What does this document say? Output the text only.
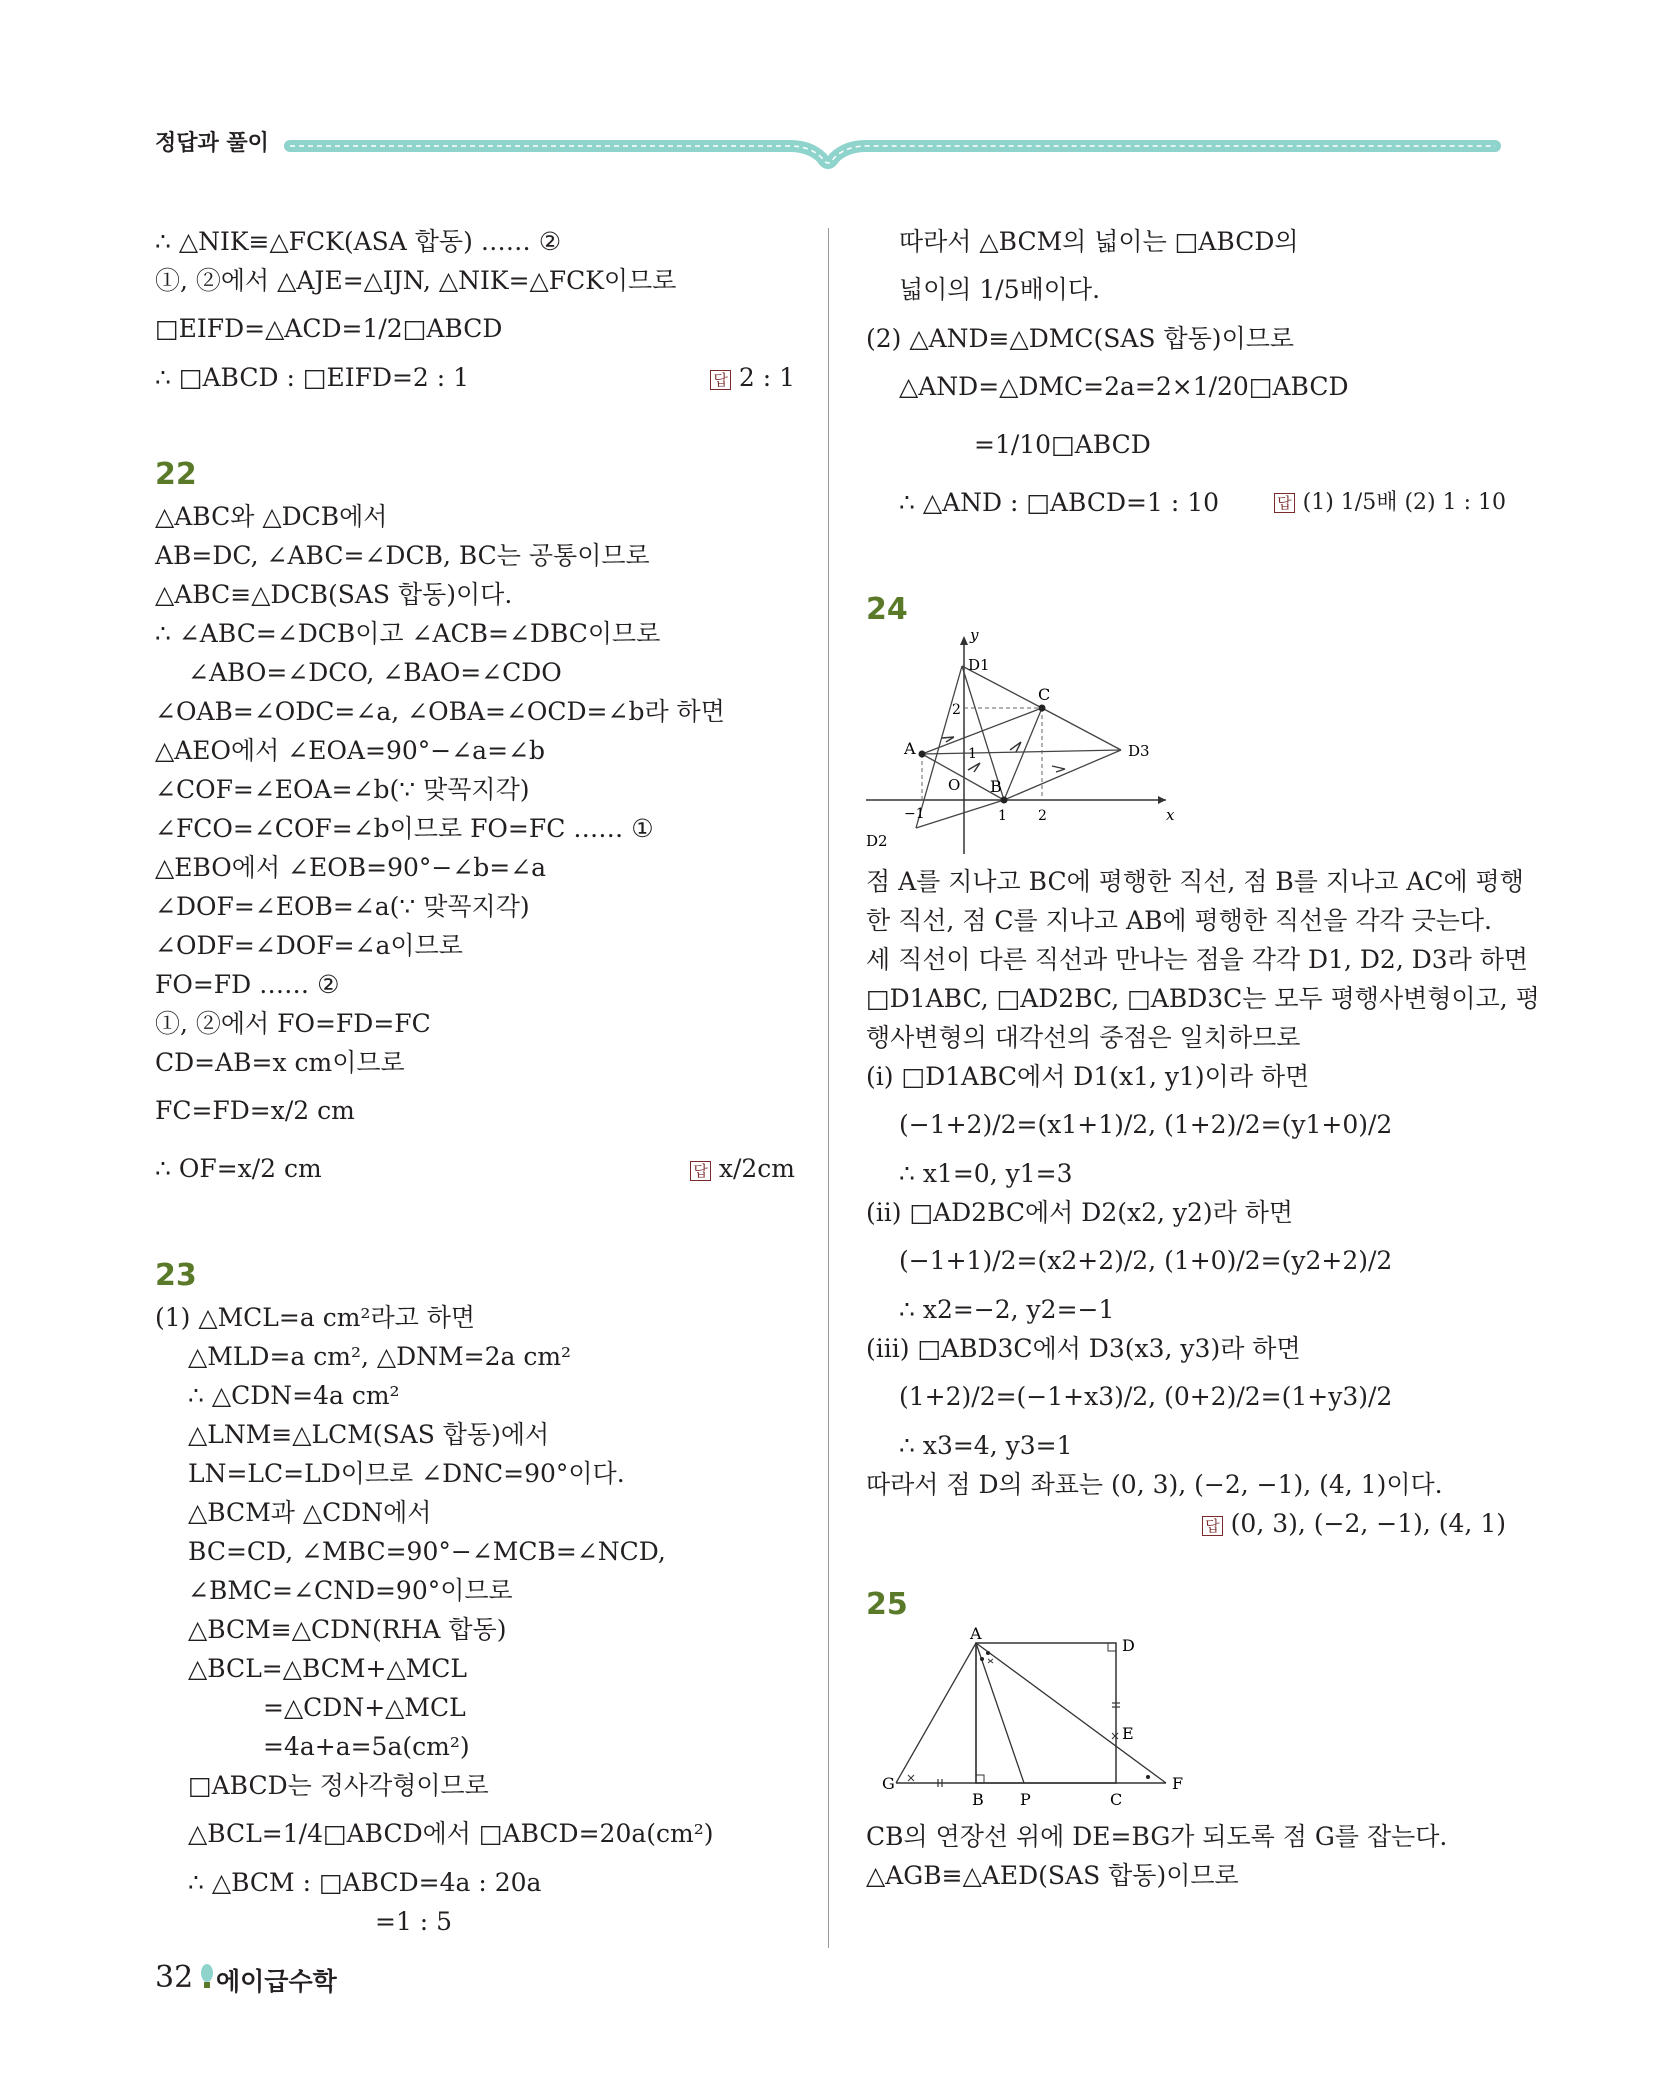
정답과 풀이
∴ △NIK≡△FCK(ASA 합동) …… ②
①, ②에서 △AJE=△IJN, △NIK=△FCK이므로
□EIFD=△ACD=1/2□ABCD
∴ □ABCD : □EIFD=2 : 1	답 2 : 1
22
△ABC와 △DCB에서
AB=DC, ∠ABC=∠DCB, BC는 공통이므로
△ABC≡△DCB(SAS 합동)이다.
∴ ∠ABC=∠DCB이고 ∠ACB=∠DBC이므로
∠ABO=∠DCO, ∠BAO=∠CDO
∠OAB=∠ODC=∠a, ∠OBA=∠OCD=∠b라 하면
△AEO에서 ∠EOA=90°−∠a=∠b
∠COF=∠EOA=∠b(∵ 맞꼭지각)
∠FCO=∠COF=∠b이므로 FO=FC …… ①
△EBO에서 ∠EOB=90°−∠b=∠a
∠DOF=∠EOB=∠a(∵ 맞꼭지각)
∠ODF=∠DOF=∠a이므로
FO=FD …… ②
①, ②에서 FO=FD=FC
CD=AB=x cm이므로
FC=FD=x/2 cm
∴ OF=x/2 cm	답 x/2cm
23
(1) △MCL=a cm²라고 하면
△MLD=a cm², △DNM=2a cm²
∴ △CDN=4a cm²
△LNM≡△LCM(SAS 합동)에서
LN=LC=LD이므로 ∠DNC=90°이다.
△BCM과 △CDN에서
BC=CD, ∠MBC=90°−∠MCB=∠NCD,
∠BMC=∠CND=90°이므로
△BCM≡△CDN(RHA 합동)
△BCL=△BCM+△MCL
=△CDN+△MCL
=4a+a=5a(cm²)
□ABCD는 정사각형이므로
△BCL=1/4□ABCD에서 □ABCD=20a(cm²)
∴ △BCM : □ABCD=4a : 20a
=1 : 5
따라서 △BCM의 넓이는 □ABCD의
넓이의 1/5배이다.
(2) △AND≡△DMC(SAS 합동)이므로
△AND=△DMC=2a=2×1/20□ABCD
=1/10□ABCD
∴ △AND : □ABCD=1 : 10	답 (1) 1/5배 (2) 1 : 10
24
y
x
O
A
B
C
D1
D2
D3
1
2
−1	1 2
점 A를 지나고 BC에 평행한 직선, 점 B를 지나고 AC에 평행
한 직선, 점 C를 지나고 AB에 평행한 직선을 각각 긋는다.
세 직선이 다른 직선과 만나는 점을 각각 D1, D2, D3라 하면
□D1ABC, □AD2BC, □ABD3C는 모두 평행사변형이고, 평
행사변형의 대각선의 중점은 일치하므로
(i) □D1ABC에서 D1(x1, y1)이라 하면
(−1+2)/2=(x1+1)/2, (1+2)/2=(y1+0)/2
∴ x1=0, y1=3
(ii) □AD2BC에서 D2(x2, y2)라 하면
(−1+1)/2=(x2+2)/2, (1+0)/2=(y2+2)/2
∴ x2=−2, y2=−1
(iii) □ABD3C에서 D3(x3, y3)라 하면
(1+2)/2=(−1+x3)/2, (0+2)/2=(1+y3)/2
∴ x3=4, y3=1
따라서 점 D의 좌표는 (0, 3), (−2, −1), (4, 1)이다.
답 (0, 3), (−2, −1), (4, 1)
25
A
D
E
F
C
P
B
G
CB의 연장선 위에 DE=BG가 되도록 점 G를 잡는다.
△AGB≡△AED(SAS 합동)이므로
32 에이급수학
